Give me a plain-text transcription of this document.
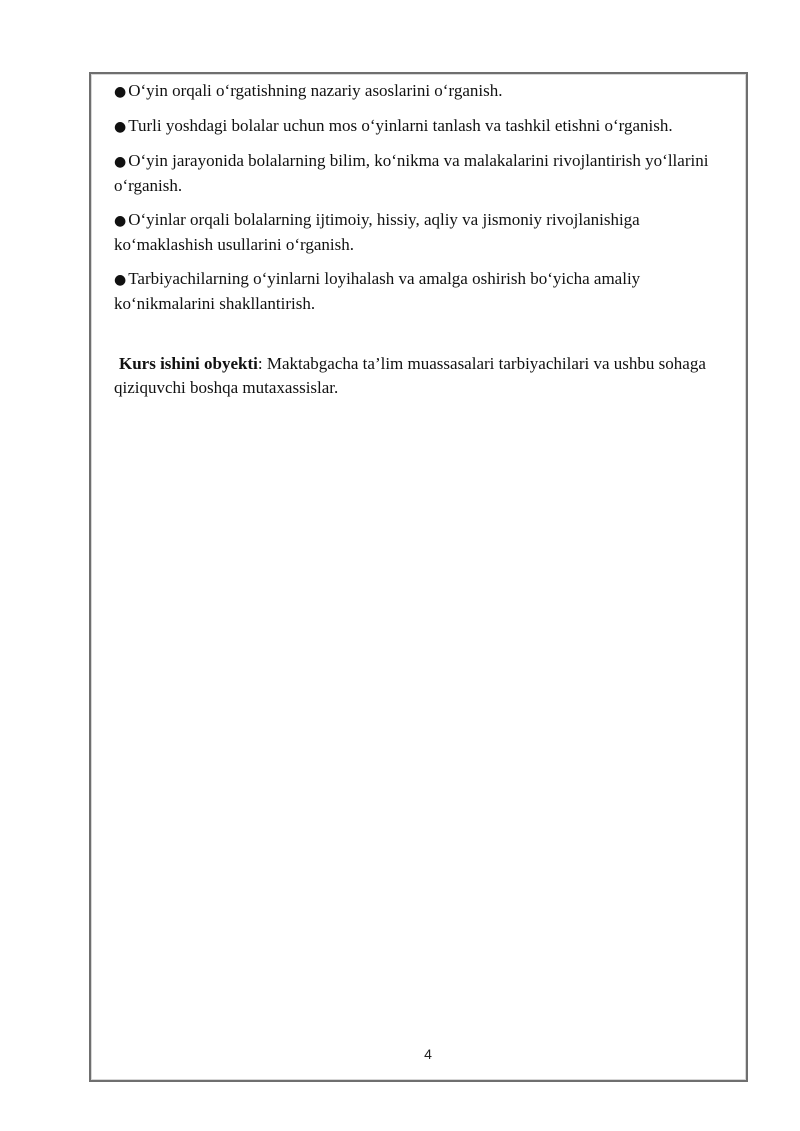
● O‘yin orqali o‘rgatishning nazariy asoslarini o‘rganish.
● Turli yoshdagi bolalar uchun mos o‘yinlarni tanlash va tashkil etishni o‘rganish.
● O‘yin jarayonida bolalarning bilim, ko‘nikma va malakalarini rivojlantirish yo‘llarini o‘rganish.
● O‘yinlar orqali bolalarning ijtimoiy, hissiy, aqliy va jismoniy rivojlanishiga ko‘maklashish usullarini o‘rganish.
● Tarbiyachilarning o‘yinlarni loyihalash va amalga oshirish bo‘yicha amaliy ko‘nikmalarini shakllantirish.

Kurs ishini obyekti: Maktabgacha ta’lim muassasalari tarbiyachilari va ushbu sohaga qiziquvchi boshqa mutaxassislar.

4
